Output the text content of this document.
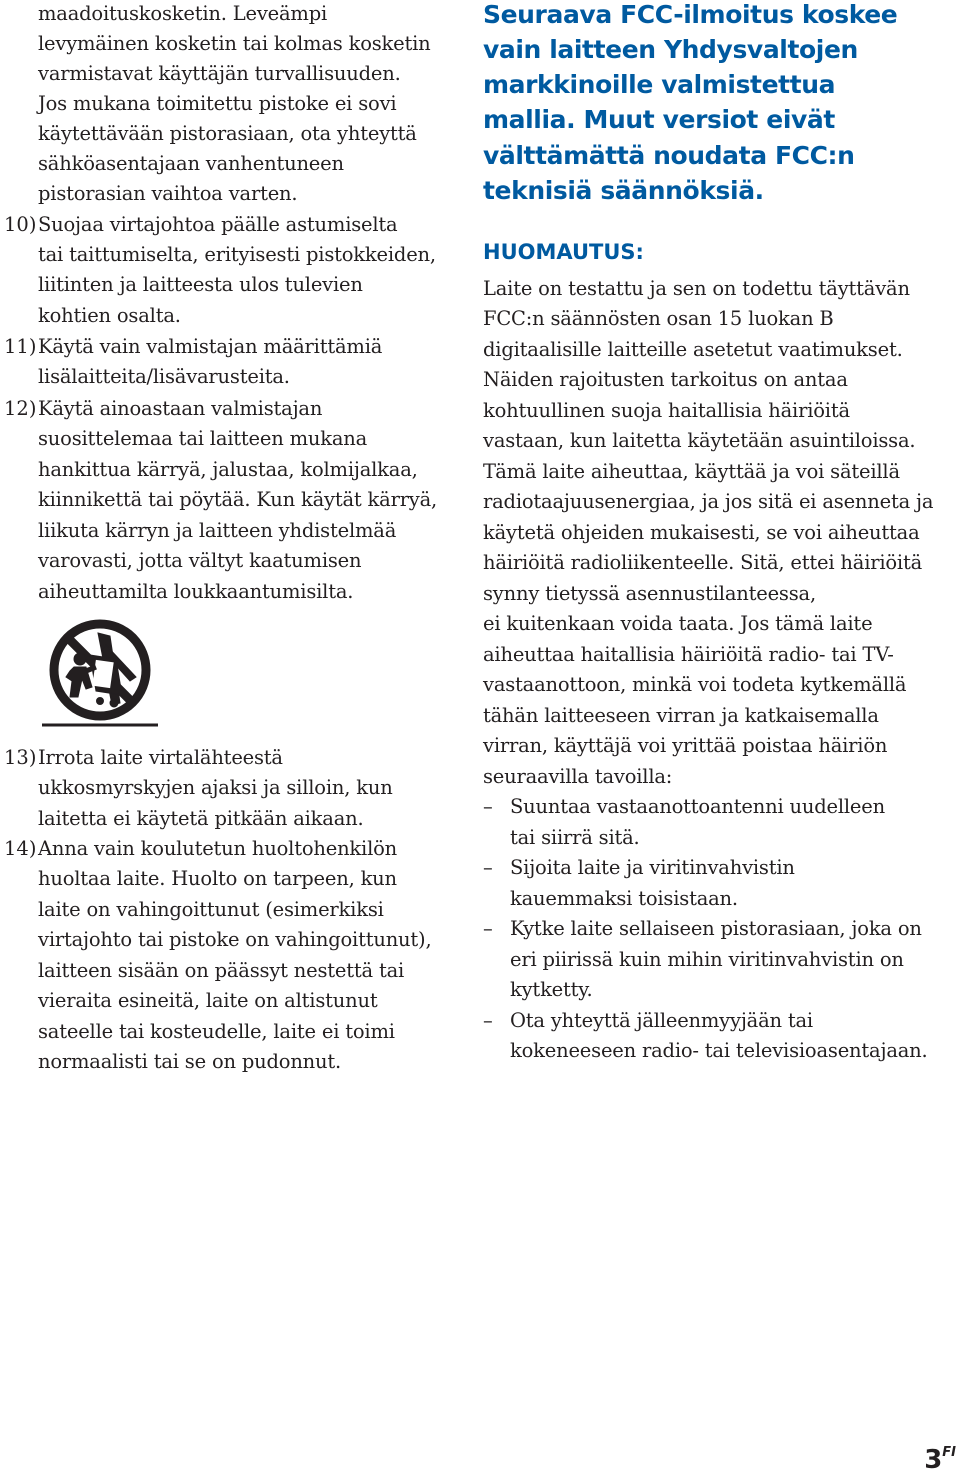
maadoituskosketin. Leveämpi
levymäinen kosketin tai kolmas kosketin
varmistavat käyttäjän turvallisuuden.
Jos mukana toimitettu pistoke ei sovi
käytettävään pistorasiaan, ota yhteyttä
sähköasentajaan vanhentuneen
pistorasian vaihtoa varten.
10) Suojaa virtajohtoa päälle astumiselta
tai taittumiselta, erityisesti pistokkeiden,
liitinten ja laitteesta ulos tulevien
kohtien osalta.
11) Käytä vain valmistajan määrittämiä
lisälaitteita/lisävarusteita.
12) Käytä ainoastaan valmistajan
suosittelemaa tai laitteen mukana
hankittua kärryä, jalustaa, kolmijalkaa,
kiinnikettä tai pöytää. Kun käytät kärryä,
liikuta kärryn ja laitteen yhdistelmää
varovasti, jotta vältyt kaatumisen
aiheuttamilta loukkaantumisilta.
13) Irrota laite virtalähteestä
ukkosmyrskyjen ajaksi ja silloin, kun
laitetta ei käytetä pitkään aikaan.
14) Anna vain koulutetun huoltohenkilön
huoltaa laite. Huolto on tarpeen, kun
laite on vahingoittunut (esimerkiksi
virtajohto tai pistoke on vahingoittunut),
laitteen sisään on päässyt nestettä tai
vieraita esineitä, laite on altistunut
sateelle tai kosteudelle, laite ei toimi
normaalisti tai se on pudonnut.
Seuraava FCC-ilmoitus koskee
vain laitteen Yhdysvaltojen
markkinoille valmistettua
mallia. Muut versiot eivät
välttämättä noudata FCC:n
teknisiä säännöksiä.
HUOMAUTUS:
Laite on testattu ja sen on todettu täyttävän
FCC:n säännösten osan 15 luokan B
digitaalisille laitteille asetetut vaatimukset.
Näiden rajoitusten tarkoitus on antaa
kohtuullinen suoja haitallisia häiriöitä
vastaan, kun laitetta käytetään asuintiloissa.
Tämä laite aiheuttaa, käyttää ja voi säteillä
radiotaajuusenergiaa, ja jos sitä ei asenneta ja
käytetä ohjeiden mukaisesti, se voi aiheuttaa
häiriöitä radioliikenteelle. Sitä, ettei häiriöitä
synny tietyssä asennustilanteessa,
ei kuitenkaan voida taata. Jos tämä laite
aiheuttaa haitallisia häiriöitä radio- tai TV-
vastaanottoon, minkä voi todeta kytkemällä
tähän laitteeseen virran ja katkaisemalla
virran, käyttäjä voi yrittää poistaa häiriön
seuraavilla tavoilla:
– Suuntaa vastaanottoantenni uudelleen
tai siirrä sitä.
– Sijoita laite ja viritinvahvistin
kauemmaksi toisistaan.
– Kytke laite sellaiseen pistorasiaan, joka on
eri piirissä kuin mihin viritinvahvistin on
kytketty.
– Ota yhteyttä jälleenmyyjään tai
kokeneeseen radio- tai televisioasentajaan.
$3^{FI}$
